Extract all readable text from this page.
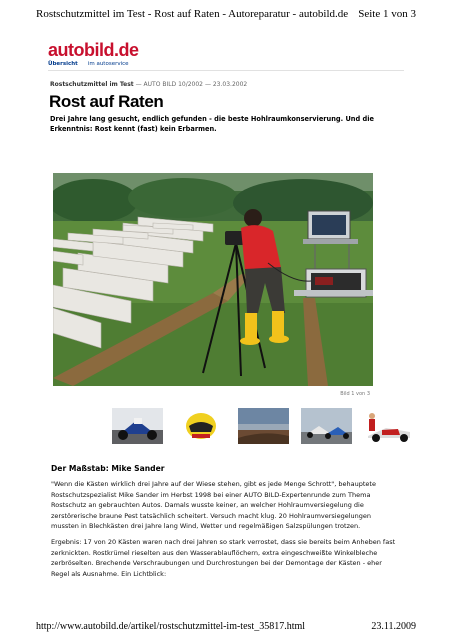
Rostschutzmittel im Test - Rost auf Raten - Autoreparatur - autobild.de Seite 1 von 3
autobild.de
Übersicht im autoservice
Rostschutzmittel im Test — AUTO BILD 10/2002 — 23.03.2002
Rost auf Raten
Drei Jahre lang gesucht, endlich gefunden - die beste Hohlraumkonservierung. Und die Erkenntnis: Rost kennt (fast) kein Erbarmen.
Bild 1 von 3
Der Maßstab: Mike Sander

"Wenn die Kästen wirklich drei Jahre auf der Wiese stehen, gibt es jede Menge Schrott", behauptete Rostschutzspezialist Mike Sander im Herbst 1998 bei einer AUTO BILD-Expertenrunde zum Thema Rostschutz an gebrauchten Autos. Damals wusste keiner, an welcher Hohlraumversiegelung die zerstörerische braune Pest tatsächlich scheitert. Versuch macht klug. 20 Hohlraumversiegelungen mussten in Blechkästen drei Jahre lang Wind, Wetter und regelmäßigen Salzspülungen trotzen.

Ergebnis: 17 von 20 Kästen waren nach drei Jahren so stark verrostet, dass sie bereits beim Anheben fast zerknickten. Rostkrümel rieselten aus den Wasserablauflöchern, extra eingeschweißte Winkelbleche zerbröselten. Brechende Verschraubungen und Durchrostungen bei der Demontage der Kästen - eher Regel als Ausnahme. Ein Lichtblick:

http://www.autobild.de/artikel/rostschutzmittel-im-test_35817.html	23.11.2009
